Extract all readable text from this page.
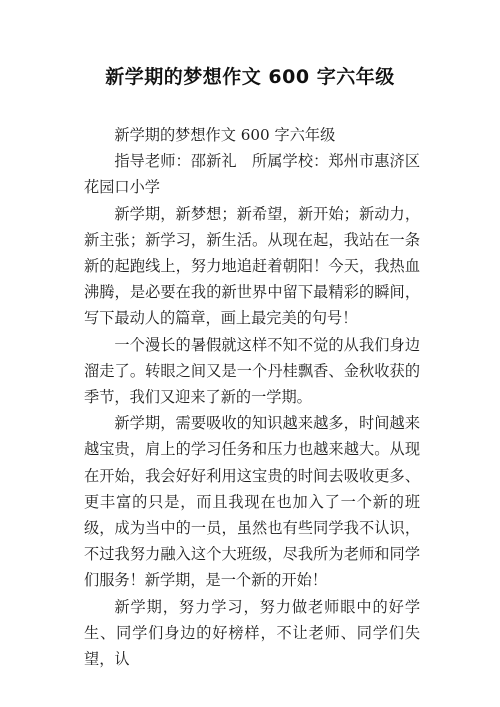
新学期的梦想作文 600 字六年级

新学期的梦想作文 600 字六年级

指导老师：邵新礼　所属学校：郑州市惠济区花园口小学

新学期，新梦想；新希望，新开始；新动力，新主张；新学习，新生活。从现在起，我站在一条新的起跑线上，努力地追赶着朝阳！今天，我热血沸腾，是必要在我的新世界中留下最精彩的瞬间，写下最动人的篇章，画上最完美的句号！

一个漫长的暑假就这样不知不觉的从我们身边溜走了。转眼之间又是一个丹桂飘香、金秋收获的季节，我们又迎来了新的一学期。

新学期，需要吸收的知识越来越多，时间越来越宝贵，肩上的学习任务和压力也越来越大。从现在开始，我会好好利用这宝贵的时间去吸收更多、更丰富的只是，而且我现在也加入了一个新的班级，成为当中的一员，虽然也有些同学我不认识，不过我努力融入这个大班级，尽我所为老师和同学们服务！新学期，是一个新的开始！

新学期，努力学习，努力做老师眼中的好学生、同学们身边的好榜样，不让老师、同学们失望，认
